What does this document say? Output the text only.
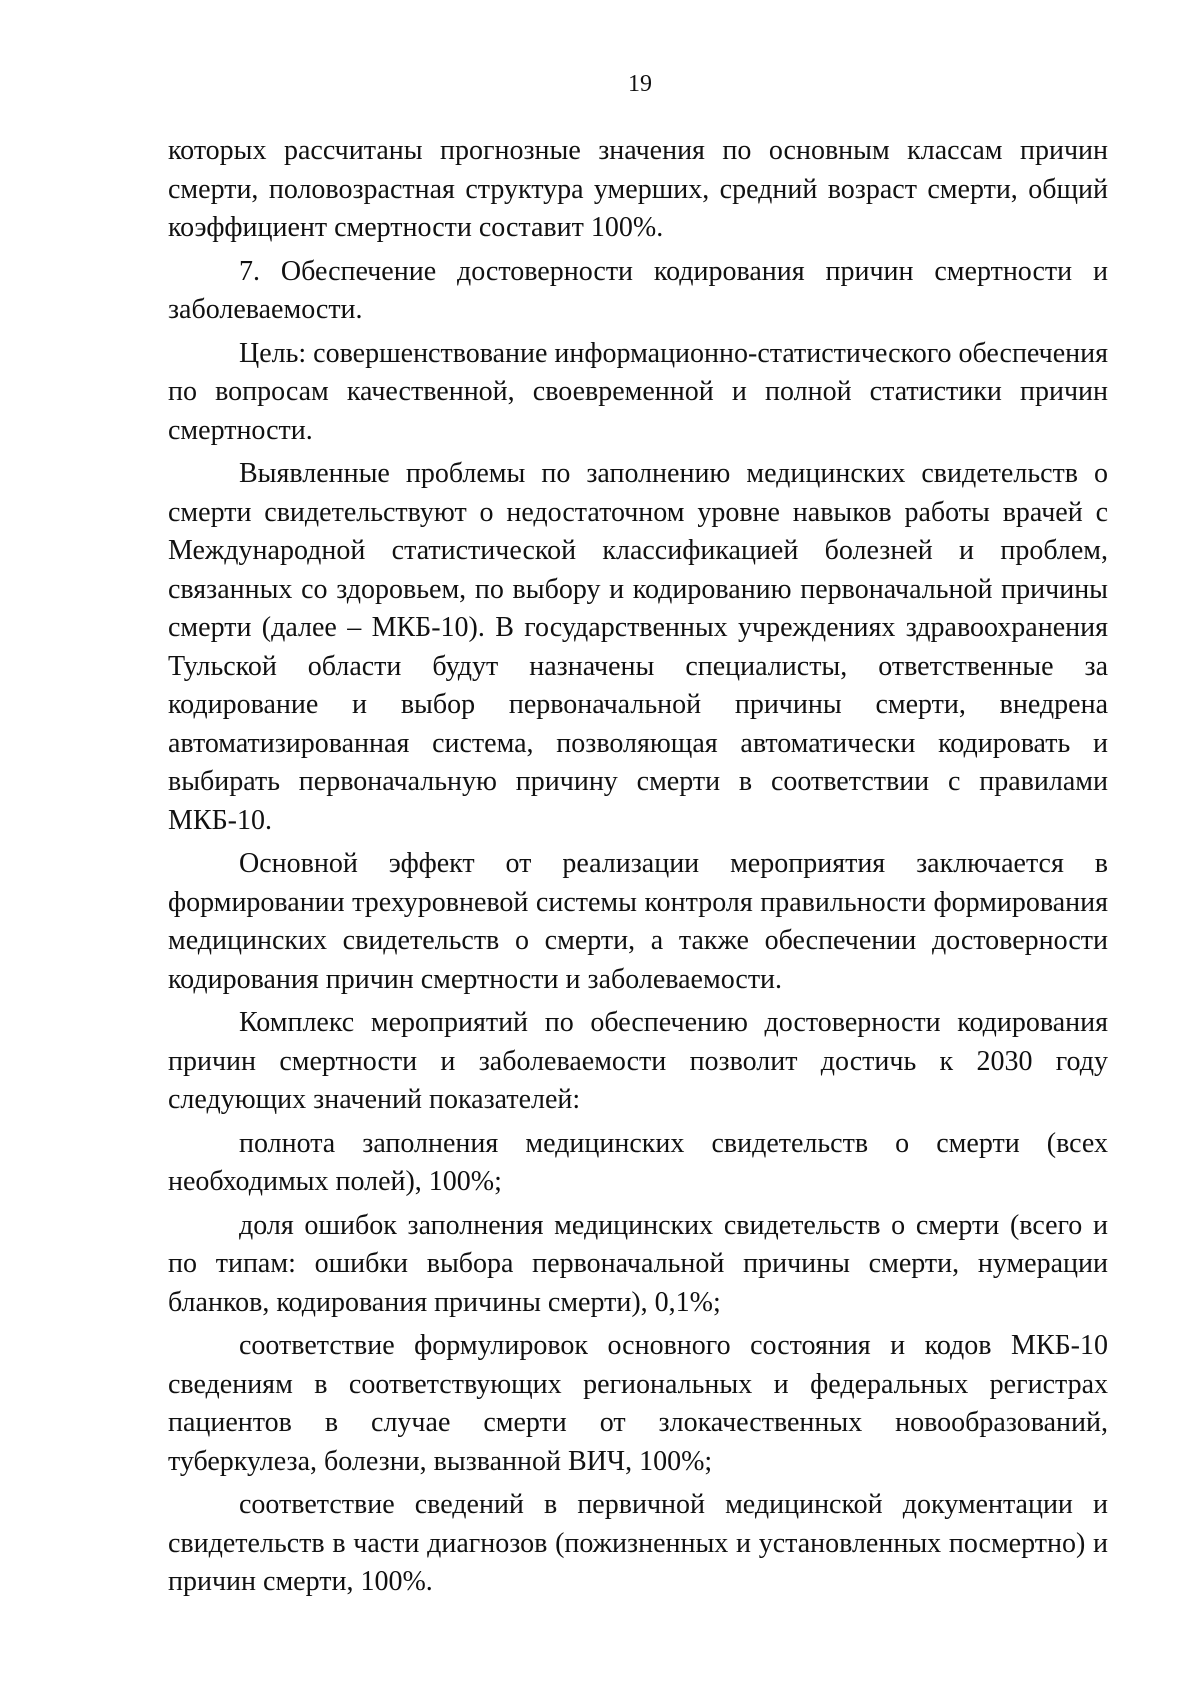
19

которых рассчитаны прогнозные значения по основным классам причин смерти, половозрастная структура умерших, средний возраст смерти, общий коэффициент смертности составит 100%.

7. Обеспечение достоверности кодирования причин смертности и заболеваемости.

Цель: совершенствование информационно-статистического обеспечения по вопросам качественной, своевременной и полной статистики причин смертности.

Выявленные проблемы по заполнению медицинских свидетельств о смерти свидетельствуют о недостаточном уровне навыков работы врачей с Международной статистической классификацией болезней и проблем, связанных со здоровьем, по выбору и кодированию первоначальной причины смерти (далее – МКБ-10). В государственных учреждениях здравоохранения Тульской области будут назначены специалисты, ответственные за кодирование и выбор первоначальной причины смерти, внедрена автоматизированная система, позволяющая автоматически кодировать и выбирать первоначальную причину смерти в соответствии с правилами МКБ-10.

Основной эффект от реализации мероприятия заключается в формировании трехуровневой системы контроля правильности формирования медицинских свидетельств о смерти, а также обеспечении достоверности кодирования причин смертности и заболеваемости.

Комплекс мероприятий по обеспечению достоверности кодирования причин смертности и заболеваемости позволит достичь к 2030 году следующих значений показателей:

полнота заполнения медицинских свидетельств о смерти (всех необходимых полей), 100%;

доля ошибок заполнения медицинских свидетельств о смерти (всего и по типам: ошибки выбора первоначальной причины смерти, нумерации бланков, кодирования причины смерти), 0,1%;

соответствие формулировок основного состояния и кодов МКБ-10 сведениям в соответствующих региональных и федеральных регистрах пациентов в случае смерти от злокачественных новообразований, туберкулеза, болезни, вызванной ВИЧ, 100%;

соответствие сведений в первичной медицинской документации и свидетельств в части диагнозов (пожизненных и установленных посмертно) и причин смерти, 100%.
